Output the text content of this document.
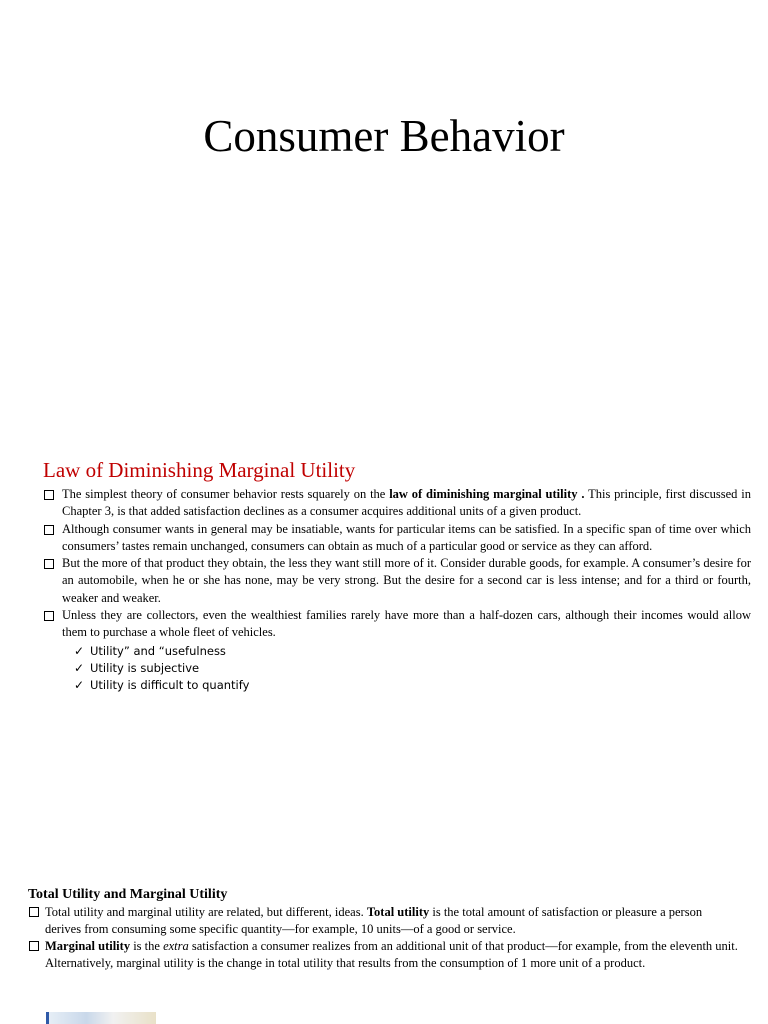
Consumer Behavior
Law of Diminishing Marginal Utility
The simplest theory of consumer behavior rests squarely on the law of diminishing marginal utility . This principle, first discussed in Chapter 3, is that added satisfaction declines as a consumer acquires additional units of a given product.
Although consumer wants in general may be insatiable, wants for particular items can be satisfied. In a specific span of time over which consumers’ tastes remain unchanged, consumers can obtain as much of a particular good or service as they can afford.
But the more of that product they obtain, the less they want still more of it. Consider durable goods, for example. A consumer’s desire for an automobile, when he or she has none, may be very strong. But the desire for a second car is less intense; and for a third or fourth, weaker and weaker.
Unless they are collectors, even the wealthiest families rarely have more than a half-dozen cars, although their incomes would allow them to purchase a whole fleet of vehicles.
✓ Utility” and “usefulness
✓ Utility is subjective
✓ Utility is difficult to quantify
Total Utility and Marginal Utility
Total utility and marginal utility are related, but different, ideas. Total utility is the total amount of satisfaction or pleasure a person derives from consuming some specific quantity—for example, 10 units—of a good or service.
Marginal utility is the extra satisfaction a consumer realizes from an additional unit of that product—for example, from the eleventh unit. Alternatively, marginal utility is the change in total utility that results from the consumption of 1 more unit of a product.
